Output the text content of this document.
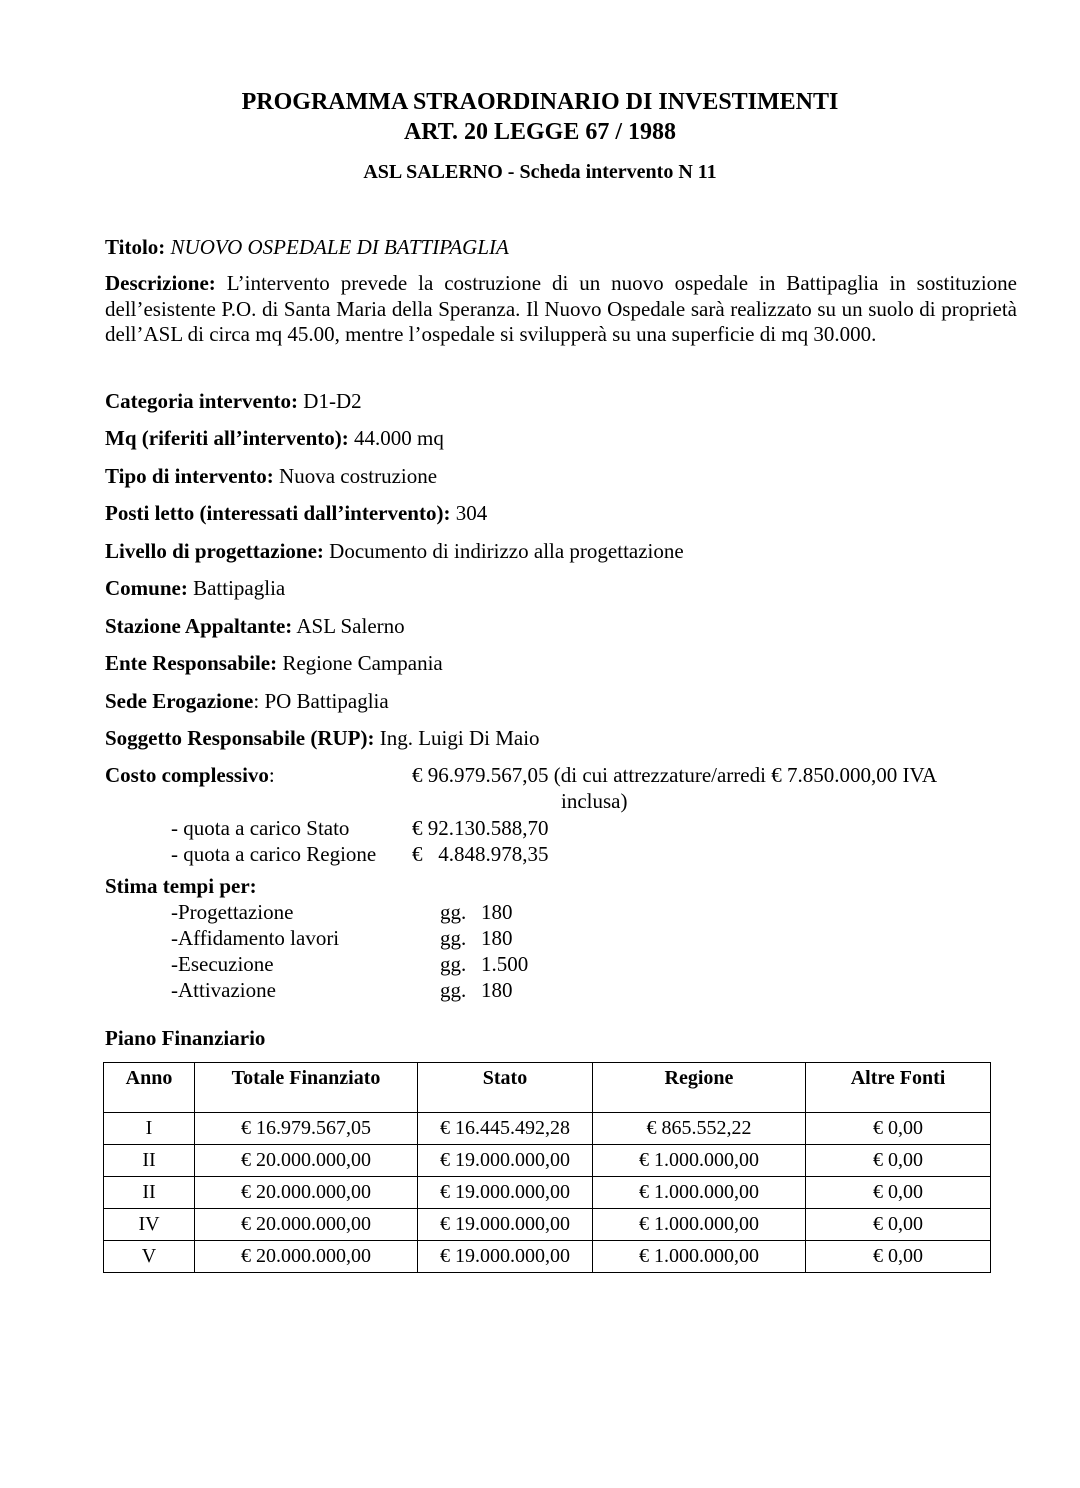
PROGRAMMA STRAORDINARIO DI INVESTIMENTI
ART. 20 LEGGE 67 / 1988
ASL SALERNO - Scheda intervento N 11
Titolo: NUOVO OSPEDALE DI BATTIPAGLIA
Descrizione: L’intervento prevede la costruzione di un nuovo ospedale in Battipaglia in sostituzione dell’esistente P.O. di Santa Maria della Speranza. Il Nuovo Ospedale sarà realizzato su un suolo di proprietà dell’ASL di circa mq 45.00, mentre l’ospedale si svilupperà su una superficie di mq 30.000.
Categoria intervento: D1-D2
Mq (riferiti all’intervento): 44.000 mq
Tipo di intervento: Nuova costruzione
Posti letto (interessati dall’intervento): 304
Livello di progettazione: Documento di indirizzo alla progettazione
Comune: Battipaglia
Stazione Appaltante: ASL Salerno
Ente Responsabile: Regione Campania
Sede Erogazione: PO Battipaglia
Soggetto Responsabile (RUP): Ing. Luigi Di Maio
Costo complessivo:	€ 96.979.567,05 (di cui attrezzature/arredi € 7.850.000,00 IVA
inclusa)
- quota a carico Stato	€ 92.130.588,70
- quota a carico Regione €   4.848.978,35
Stima tempi per:
-Progettazione	gg. 180
-Affidamento lavori	gg. 180
-Esecuzione	gg. 1.500
-Attivazione	gg. 180
Piano Finanziario
Anno	Totale Finanziato	Stato	Regione	Altre Fonti
I	€ 16.979.567,05	€ 16.445.492,28	€ 865.552,22	€ 0,00
II	€ 20.000.000,00	€ 19.000.000,00	€ 1.000.000,00	€ 0,00
II	€ 20.000.000,00	€ 19.000.000,00	€ 1.000.000,00	€ 0,00
IV	€ 20.000.000,00	€ 19.000.000,00	€ 1.000.000,00	€ 0,00
V	€ 20.000.000,00	€ 19.000.000,00	€ 1.000.000,00	€ 0,00
